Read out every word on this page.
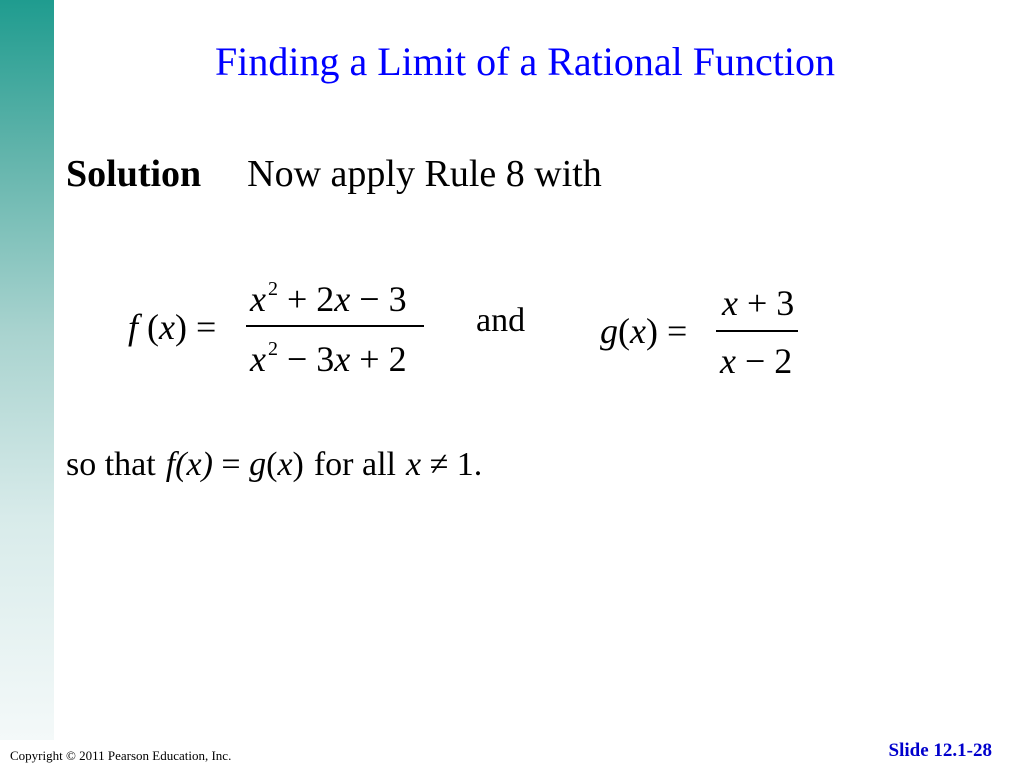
Finding a Limit of a Rational Function
Solution Now apply Rule 8 with
f (x) =
x $^2$ + 2x − 3
x $^2$ − 3x + 2
and g(x) =
x + 3
x − 2
so that f(x) = g(x) for all x ≠ 1.
Copyright © 2011 Pearson Education, Inc.	Slide 12.1-28
